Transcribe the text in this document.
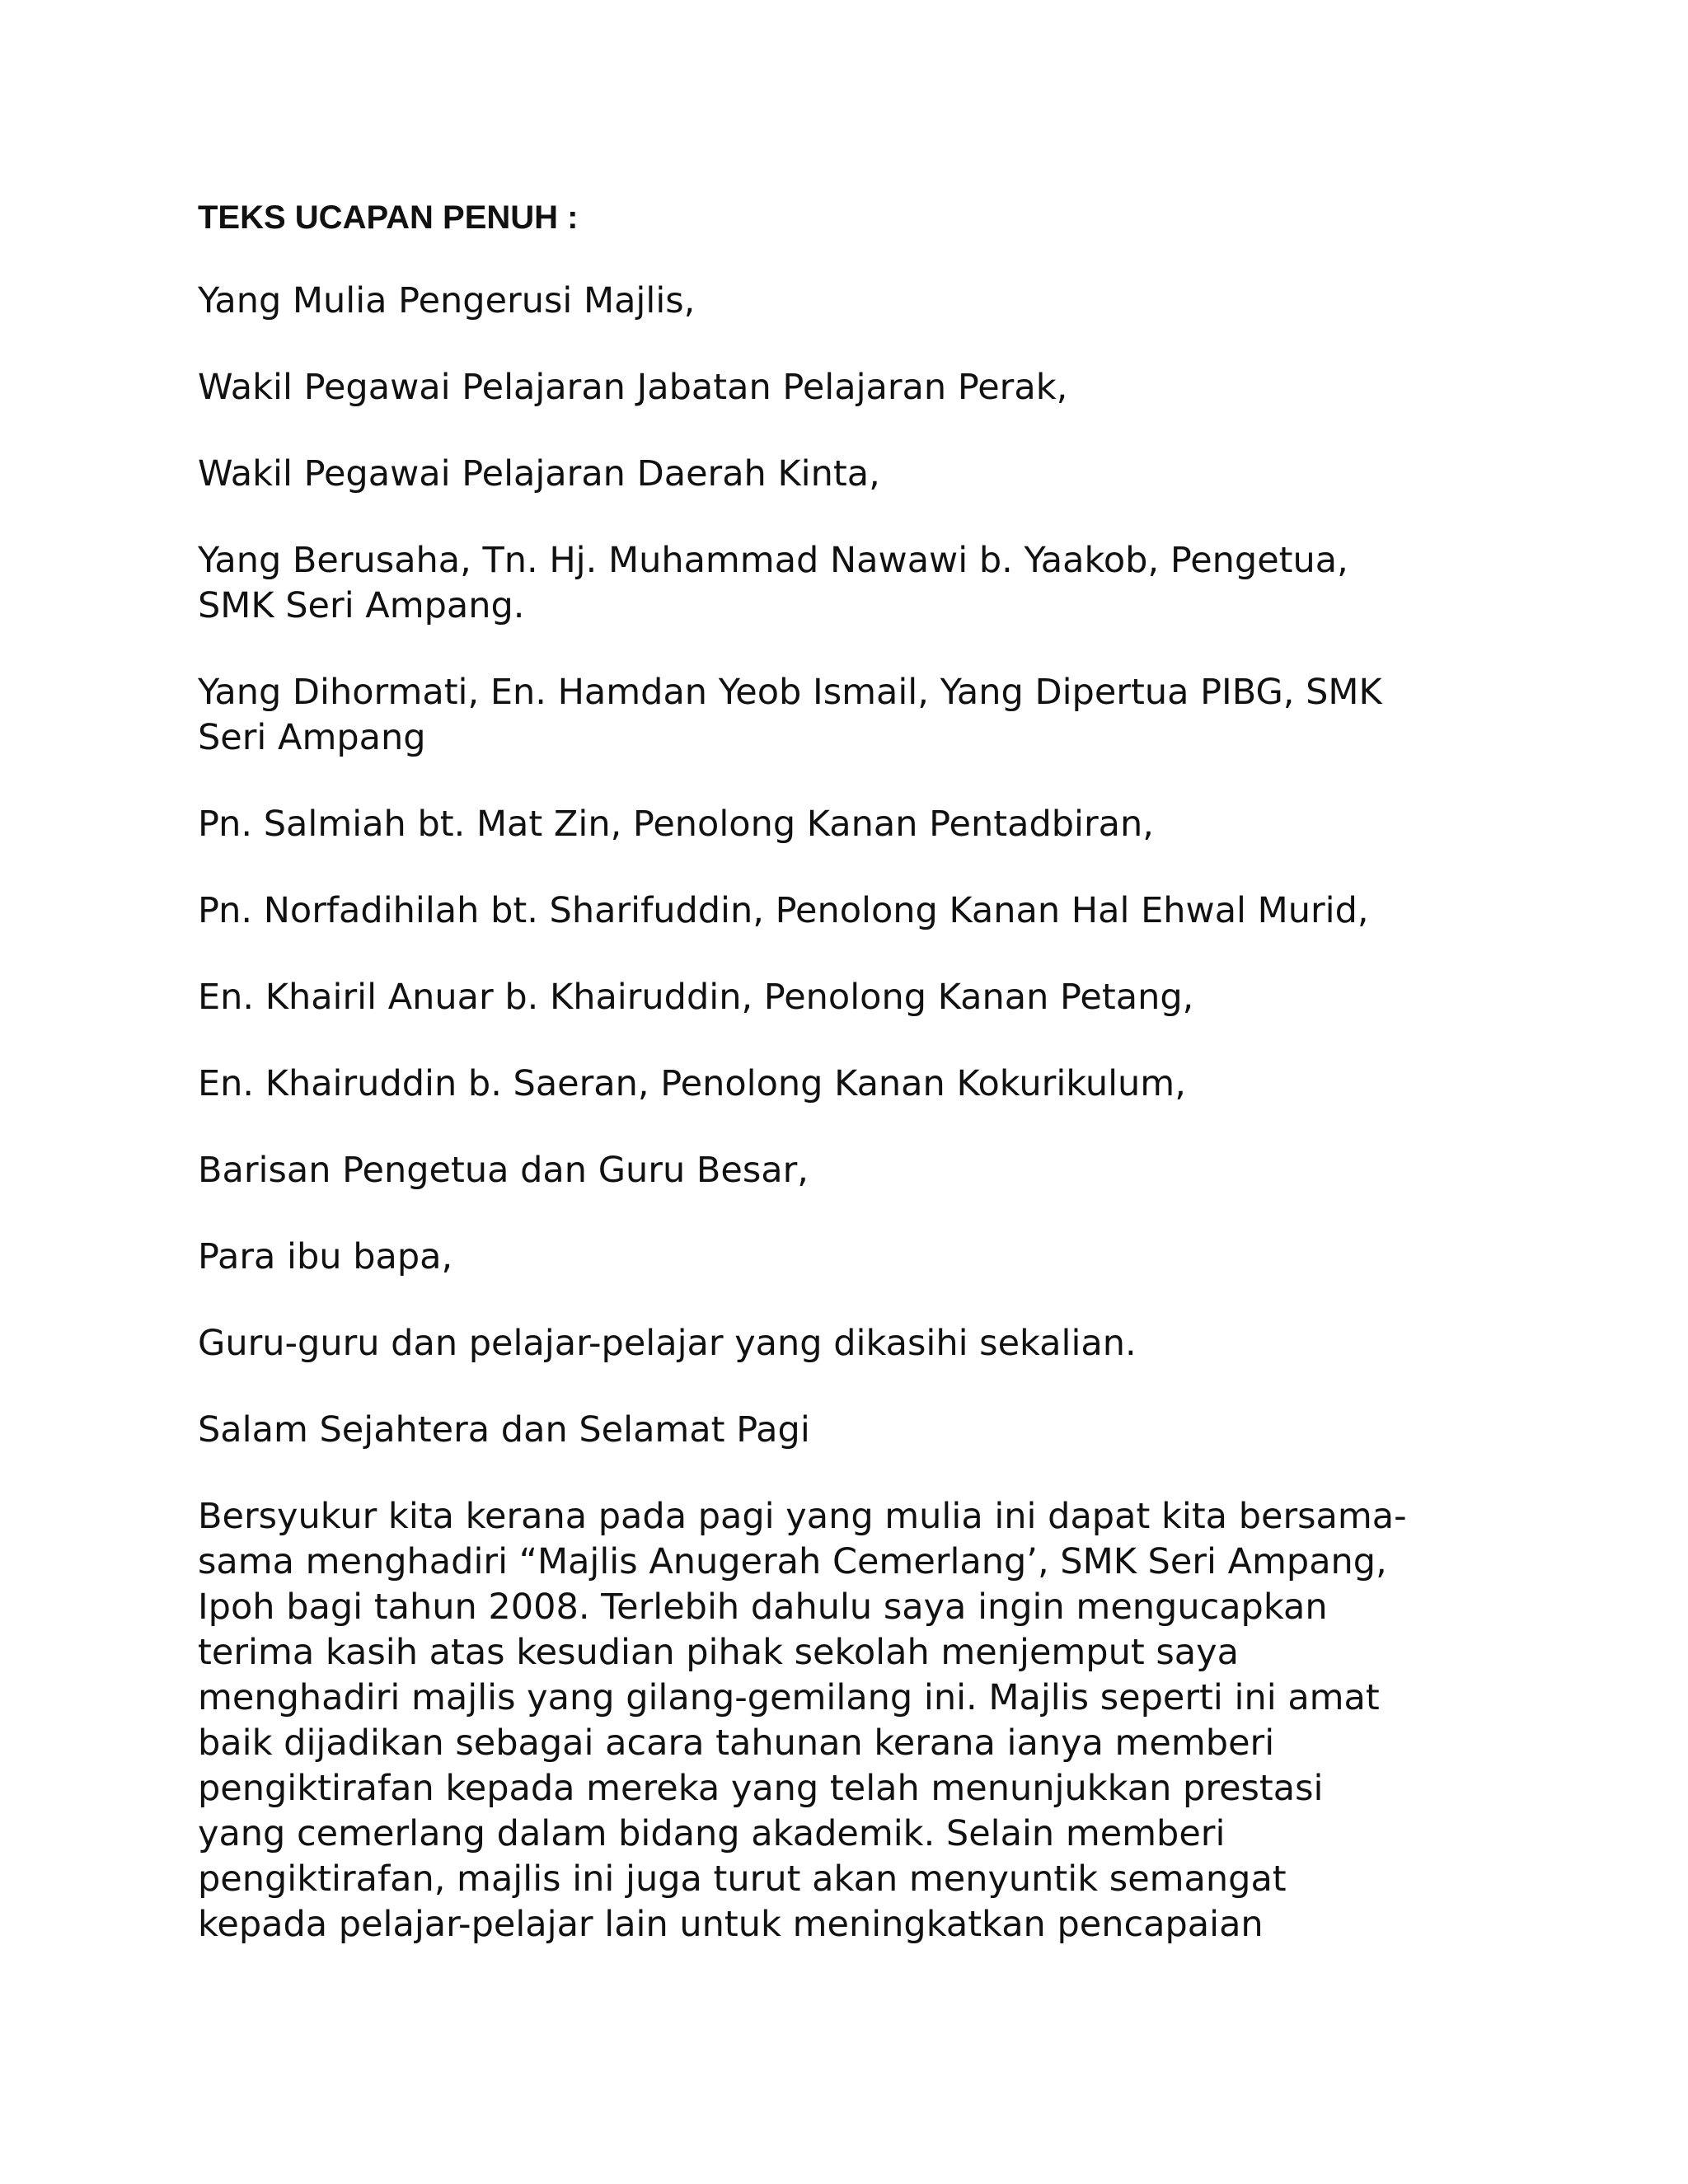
TEKS UCAPAN PENUH :

Yang Mulia Pengerusi Majlis,

Wakil Pegawai Pelajaran Jabatan Pelajaran Perak,

Wakil Pegawai Pelajaran Daerah Kinta,

Yang Berusaha, Tn. Hj. Muhammad Nawawi b. Yaakob, Pengetua,
SMK Seri Ampang.

Yang Dihormati, En. Hamdan Yeob Ismail, Yang Dipertua PIBG, SMK
Seri Ampang

Pn. Salmiah bt. Mat Zin, Penolong Kanan Pentadbiran,

Pn. Norfadihilah bt. Sharifuddin, Penolong Kanan Hal Ehwal Murid,

En. Khairil Anuar b. Khairuddin, Penolong Kanan Petang,

En. Khairuddin b. Saeran, Penolong Kanan Kokurikulum,

Barisan Pengetua dan Guru Besar,

Para ibu bapa,

Guru-guru dan pelajar-pelajar yang dikasihi sekalian.

Salam Sejahtera dan Selamat Pagi

Bersyukur kita kerana pada pagi yang mulia ini dapat kita bersama-
sama menghadiri “Majlis Anugerah Cemerlang’, SMK Seri Ampang,
Ipoh bagi tahun 2008. Terlebih dahulu saya ingin mengucapkan
terima kasih atas kesudian pihak sekolah menjemput saya
menghadiri majlis yang gilang-gemilang ini. Majlis seperti ini amat
baik dijadikan sebagai acara tahunan kerana ianya memberi
pengiktirafan kepada mereka yang telah menunjukkan prestasi
yang cemerlang dalam bidang akademik. Selain memberi
pengiktirafan, majlis ini juga turut akan menyuntik semangat
kepada pelajar-pelajar lain untuk meningkatkan pencapaian
